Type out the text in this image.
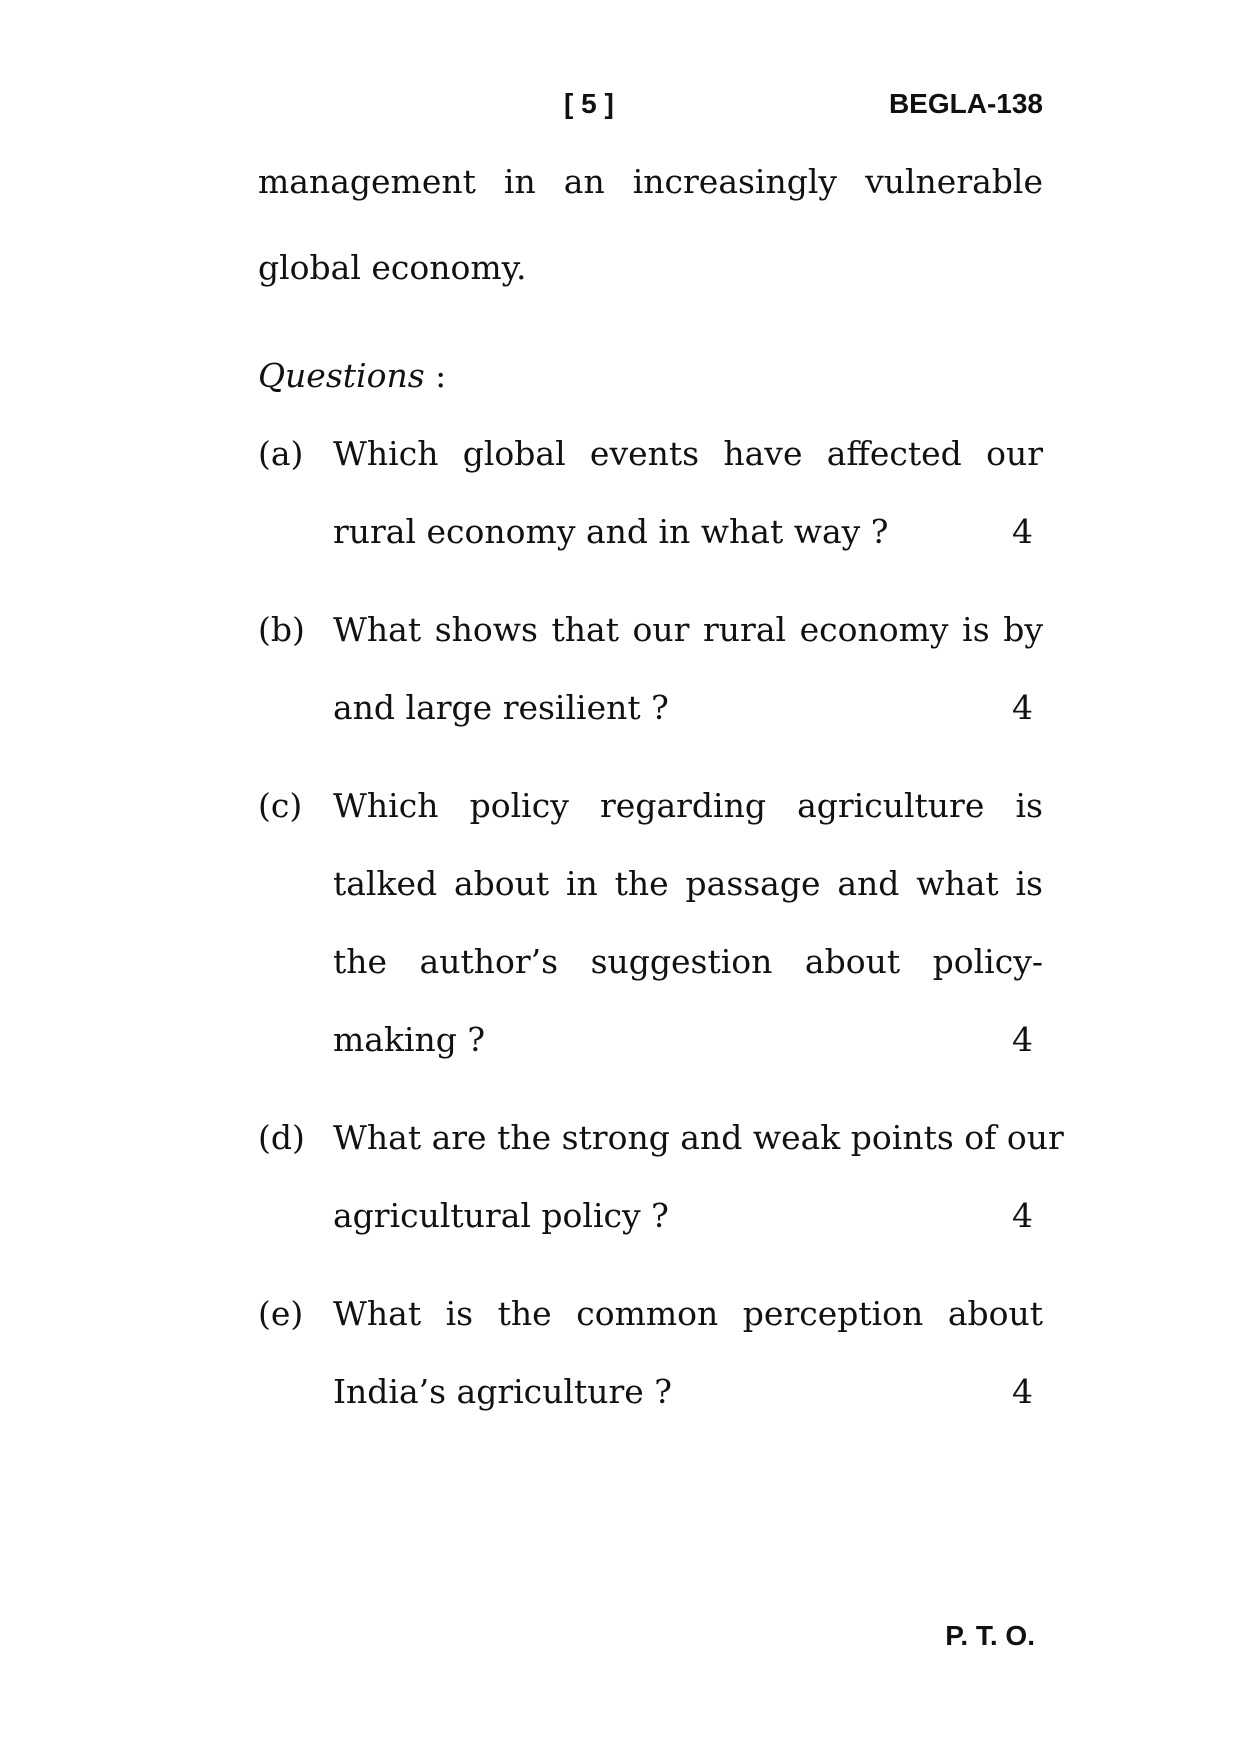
[ 5 ]	BEGLA-138
management in an increasingly vulnerable
global economy.
Questions :
(a) Which global events have affected our
rural economy and in what way ?	4
(b) What shows that our rural economy is by
and large resilient ?	4
(c) Which policy regarding agriculture is
talked about in the passage and what is
the author’s suggestion about policy-
making ?	4
(d) What are the strong and weak points of our
agricultural policy ?	4
(e) What is the common perception about
India’s agriculture ?	4
P. T. O.
